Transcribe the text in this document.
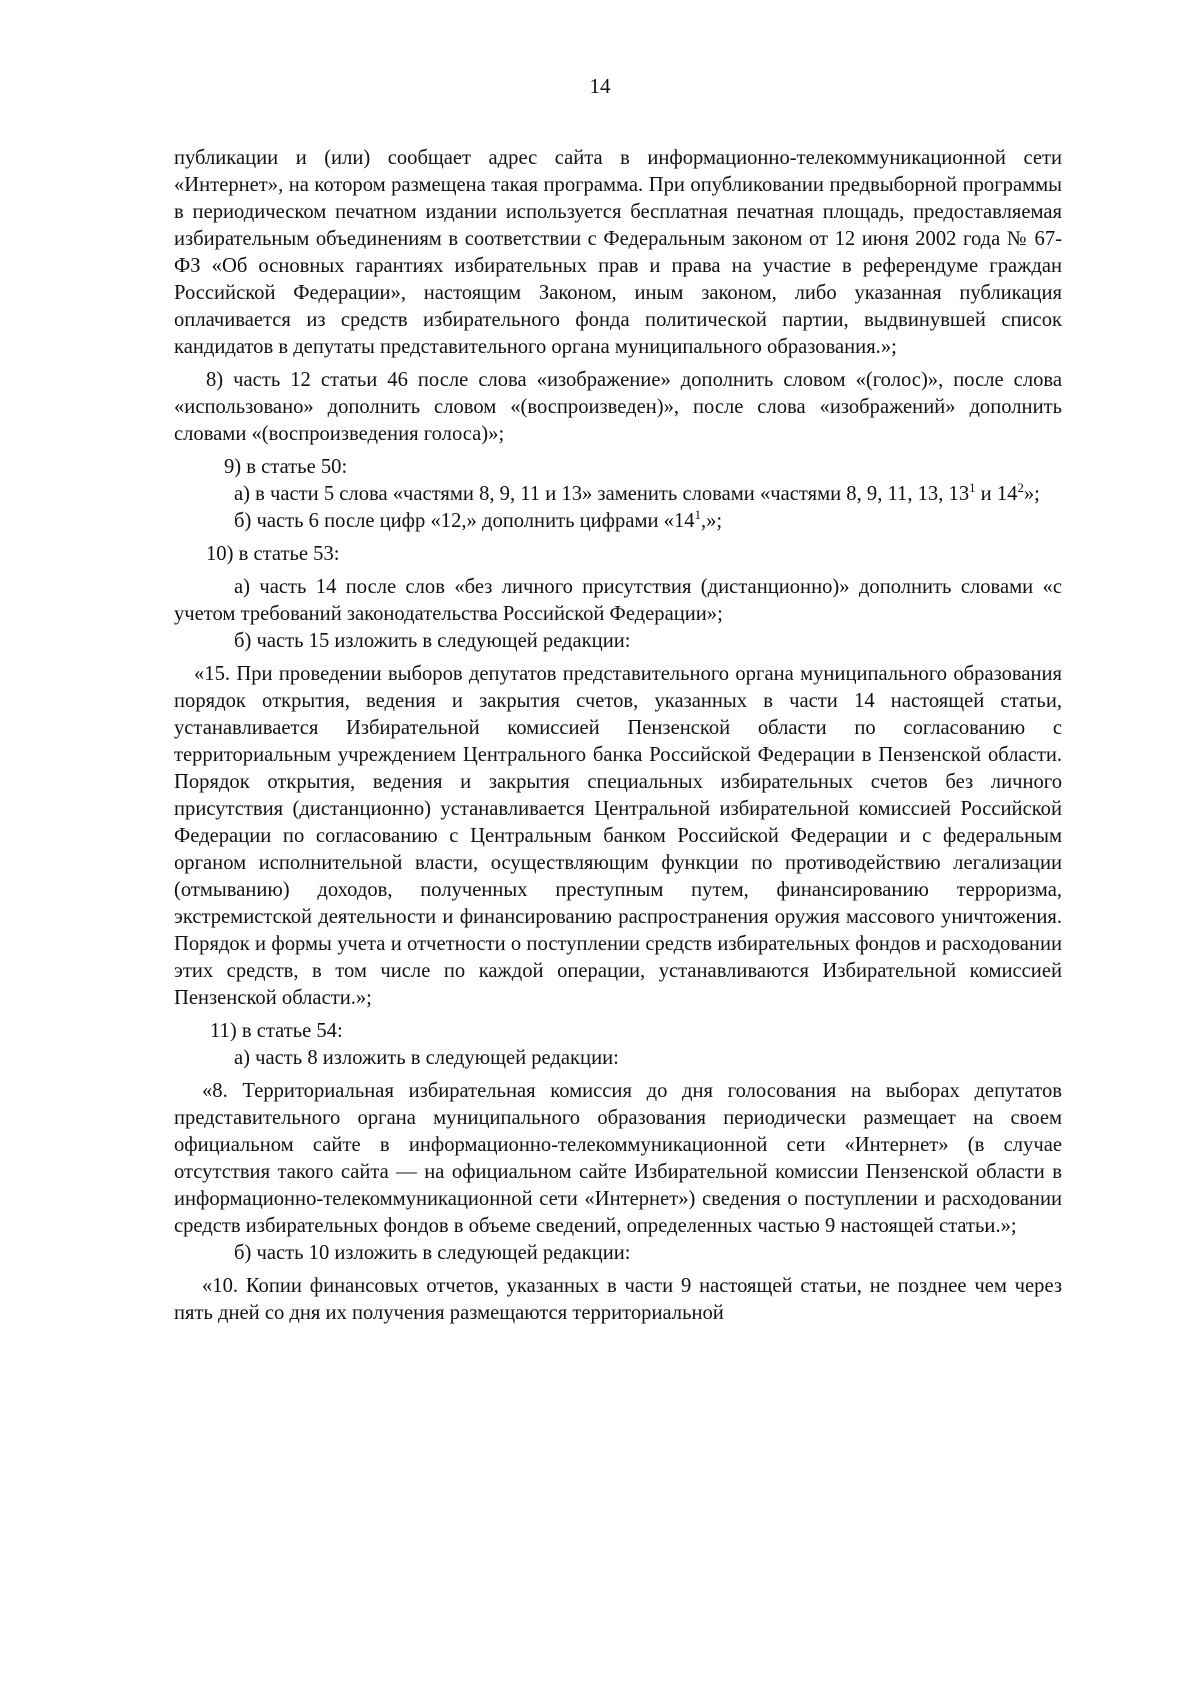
14

публикации и (или) сообщает адрес сайта в информационно-телекоммуникационной сети «Интернет», на котором размещена такая программа. При опубликовании предвыборной программы в периодическом печатном издании используется бесплатная печатная площадь, предоставляемая избирательным объединениям в соответствии с Федеральным законом от 12 июня 2002 года № 67-ФЗ «Об основных гарантиях избирательных прав и права на участие в референдуме граждан Российской Федерации», настоящим Законом, иным законом, либо указанная публикация оплачивается из средств избирательного фонда политической партии, выдвинувшей список кандидатов в депутаты представительного органа муниципального образования.»;

8) часть 12 статьи 46 после слова «изображение» дополнить словом «(голос)», после слова «использовано» дополнить словом «(воспроизведен)», после слова «изображений» дополнить словами «(воспроизведения голоса)»;

9) в статье 50:

а) в части 5 слова «частями 8, 9, 11 и 13» заменить словами «частями 8, 9, 11, 13, $13^1$ и $14^2$»;

б) часть 6 после цифр «12,» дополнить цифрами «$14^1$,»;

10) в статье 53:

а) часть 14 после слов «без личного присутствия (дистанционно)» дополнить словами «с учетом требований законодательства Российской Федерации»;

б) часть 15 изложить в следующей редакции:

«15. При проведении выборов депутатов представительного органа муниципального образования порядок открытия, ведения и закрытия счетов, указанных в части 14 настоящей статьи, устанавливается Избирательной комиссией Пензенской области по согласованию с территориальным учреждением Центрального банка Российской Федерации в Пензенской области. Порядок открытия, ведения и закрытия специальных избирательных счетов без личного присутствия (дистанционно) устанавливается Центральной избирательной комиссией Российской Федерации по согласованию с Центральным банком Российской Федерации и с федеральным органом исполнительной власти, осуществляющим функции по противодействию легализации (отмыванию) доходов, полученных преступным путем, финансированию терроризма, экстремистской деятельности и финансированию распространения оружия массового уничтожения. Порядок и формы учета и отчетности о поступлении средств избирательных фондов и расходовании этих средств, в том числе по каждой операции, устанавливаются Избирательной комиссией Пензенской области.»;

11) в статье 54:

а) часть 8 изложить в следующей редакции:

«8. Территориальная избирательная комиссия до дня голосования на выборах депутатов представительного органа муниципального образования периодически размещает на своем официальном сайте в информационно-телекоммуникационной сети «Интернет» (в случае отсутствия такого сайта — на официальном сайте Избирательной комиссии Пензенской области в информационно-телекоммуникационной сети «Интернет») сведения о поступлении и расходовании средств избирательных фондов в объеме сведений, определенных частью 9 настоящей статьи.»;

б) часть 10 изложить в следующей редакции:

«10. Копии финансовых отчетов, указанных в части 9 настоящей статьи, не позднее чем через пять дней со дня их получения размещаются территориальной
